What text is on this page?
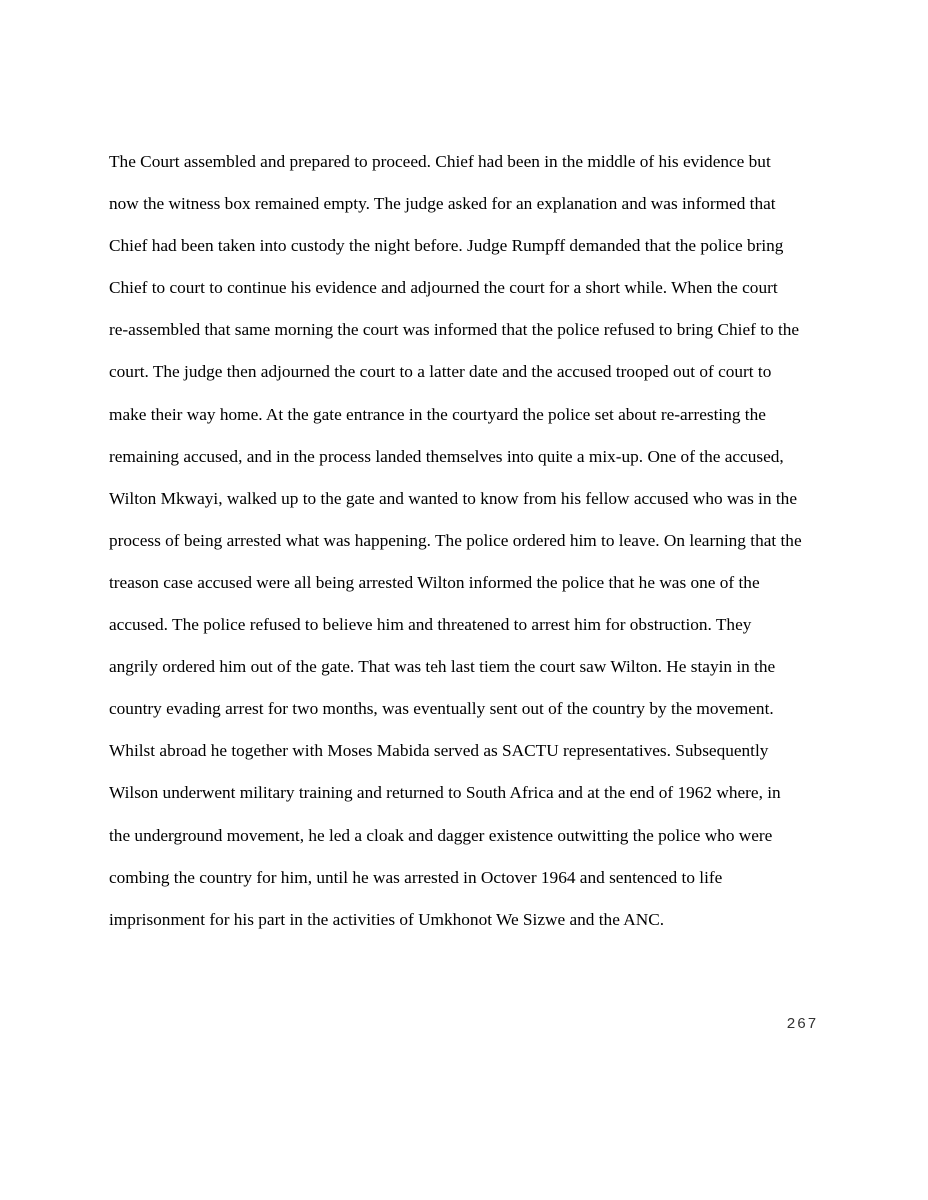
The Court assembled and prepared to proceed. Chief had been in the middle of his evidence but
now the witness box remained empty. The judge asked for an explanation and was informed that
Chief had been taken into custody the night before. Judge Rumpff demanded that the police bring
Chief to court to continue his evidence and adjourned the court for a short while. When the court
re-assembled that same morning the court was informed that the police refused to bring Chief to the
court. The judge then adjourned the court to a latter date and the accused trooped out of court to
make their way home. At the gate entrance in the courtyard the police set about re-arresting the
remaining accused, and in the process landed themselves into quite a mix-up. One of the accused,
Wilton Mkwayi, walked up to the gate and wanted to know from his fellow accused who was in the
process of being arrested what was happening. The police ordered him to leave. On learning that the
treason case accused were all being arrested Wilton informed the police that he was one of the
accused. The police refused to believe him and threatened to arrest him for obstruction. They
angrily ordered him out of the gate. That was teh last tiem the court saw Wilton. He stayin in the
country evading arrest for two months, was eventually sent out of the country by the movement.
Whilst abroad he together with Moses Mabida served as SACTU representatives. Subsequently
Wilson underwent military training and returned to South Africa and at the end of 1962 where, in
the underground movement, he led a cloak and dagger existence outwitting the police who were
combing the country for him, until he was arrested in Octover 1964 and sentenced to life
imprisonment for his part in the activities of Umkhonot We Sizwe and the ANC.

267
